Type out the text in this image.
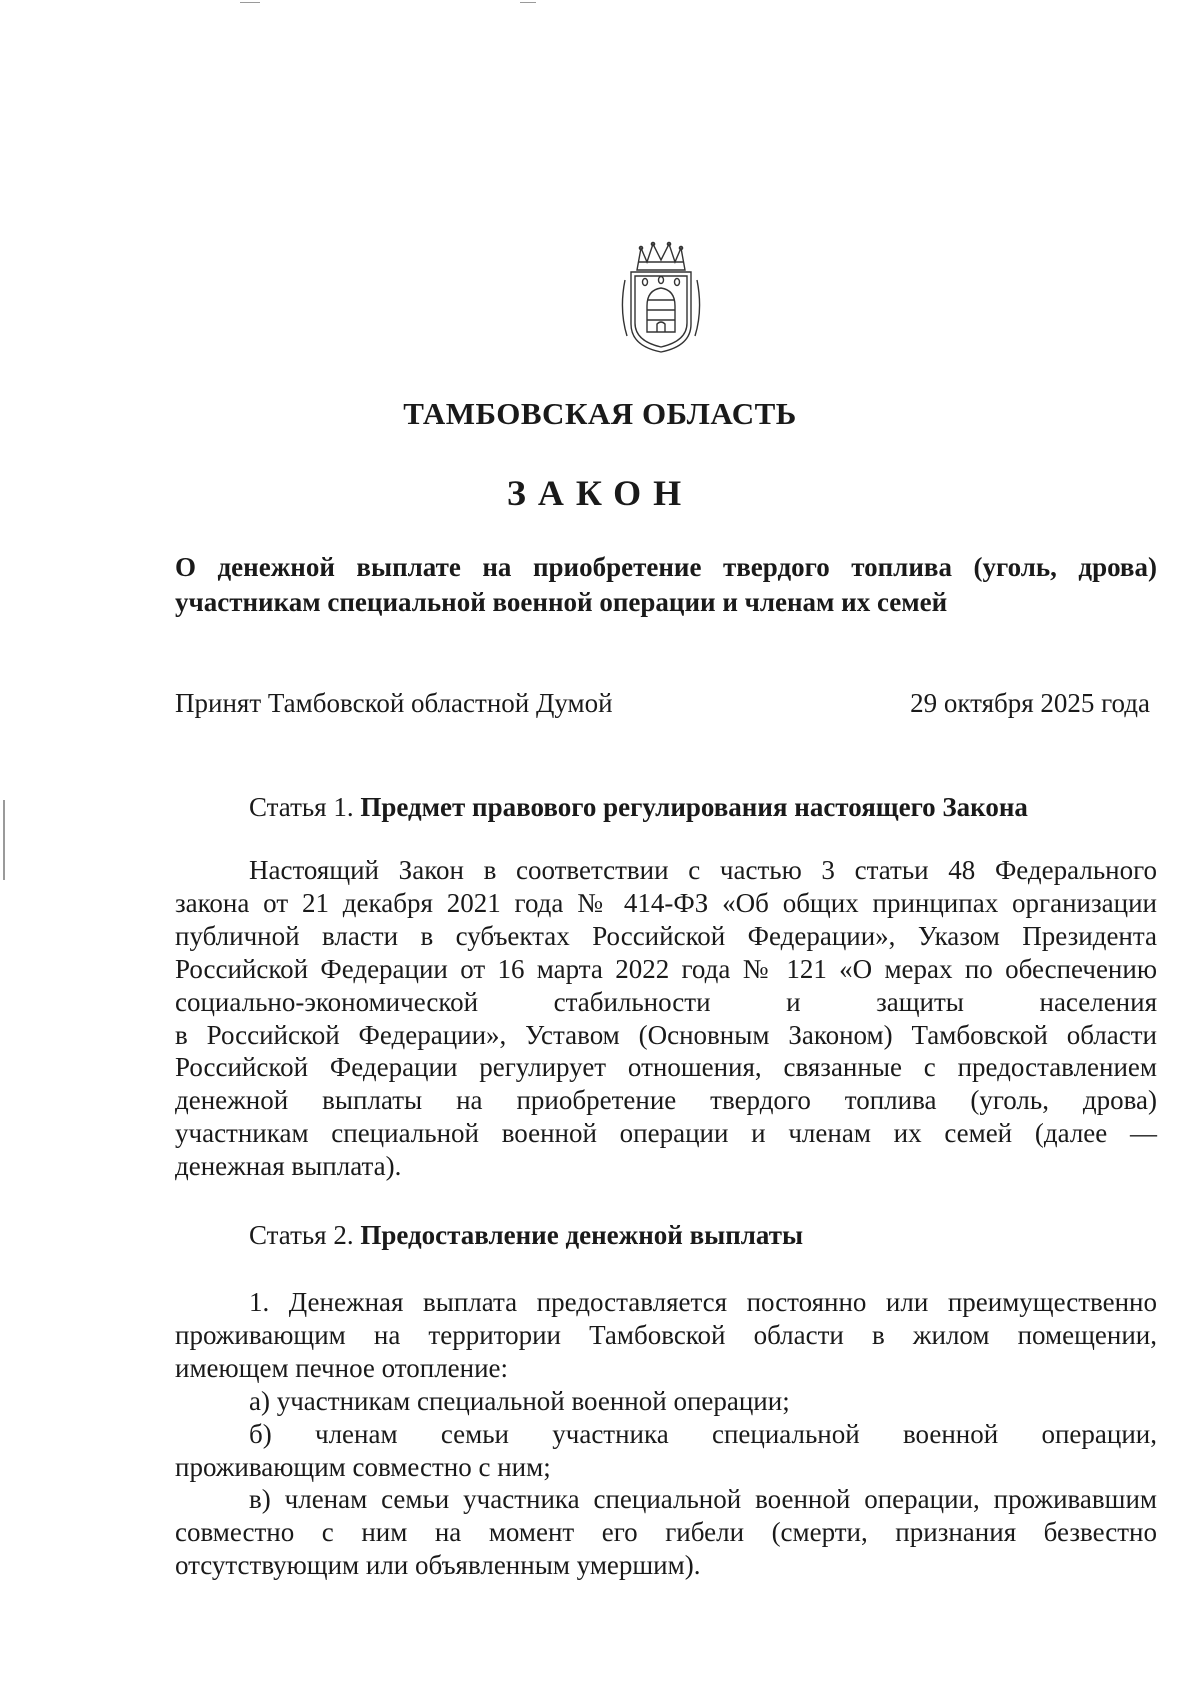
ТАМБОВСКАЯ ОБЛАСТЬ
ЗАКОН
О денежной выплате на приобретение твердого топлива (уголь, дрова)
участникам специальной военной операции и членам их семей
Принят Тамбовской областной Думой	29 октября 2025 года
Статья 1. Предмет правового регулирования настоящего Закона
Настоящий Закон в соответствии с частью 3 статьи 48 Федерального
закона от 21 декабря 2021 года № 414-ФЗ «Об общих принципах организации
публичной власти в субъектах Российской Федерации», Указом Президента
Российской Федерации от 16 марта 2022 года № 121 «О мерах по обеспечению
социально-экономической стабильности и защиты населения
в Российской Федерации», Уставом (Основным Законом) Тамбовской области
Российской Федерации регулирует отношения, связанные с предоставлением
денежной выплаты на приобретение твердого топлива (уголь, дрова)
участникам специальной военной операции и членам их семей (далее —
денежная выплата).
Статья 2. Предоставление денежной выплаты
1. Денежная выплата предоставляется постоянно или преимущественно
проживающим на территории Тамбовской области в жилом помещении,
имеющем печное отопление:
а) участникам специальной военной операции;
б) членам семьи участника специальной военной операции,
проживающим совместно с ним;
в) членам семьи участника специальной военной операции, проживавшим
совместно с ним на момент его гибели (смерти, признания безвестно
отсутствующим или объявленным умершим).
